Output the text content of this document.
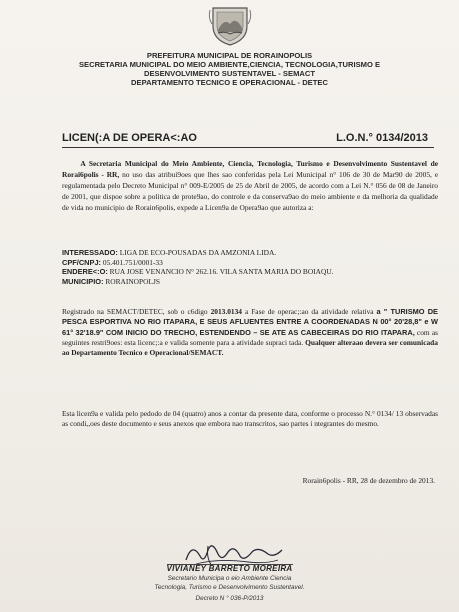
PREFEITURA MUNICIPAL DE RORAINOPOLIS
SECRETARIA MUNICIPAL DO MEIO AMBIENTE,CIENCIA, TECNOLOGIA,TURISMO E
DESENVOLVIMENTO SUSTENTAVEL - SEMACT
DEPARTAMENTO TECNICO E OPERACIONAL - DETEC
LICEN(:A DE OPERA<:AO	L.O.N.° 0134/2013
A Secretaria Municipal do Meio Ambiente, Ciencia, Tecnologia, Turismo e Desenvolvimento Sustentavel de Rorai6polis - RR, no uso das atribui9oes que lhes sao conferidas pela Lei Municipal n° 106 de 30 de Mar90 de 2005, e regulamentada pelo Decreto Municipal n° 009-E/2005 de 25 de Abril de 2005, de acordo com a Lei N.° 056 de 08 de Janeiro de 2001, que dispoe sobre a politica de prote9ao, do controle e da conserva9ao do meio ambiente e da melhoria da qualidade de vida no municipio de Rorain6polis, expede a Licen9a de Opera9ao que autoriza a:
INTERESSADO: LIGA DE ECO-POUSADAS DA AMZONIA LIDA.
CPF/CNPJ: 05.401.751/0001-33
ENDERE<:O: RUA JOSE VENANCIO N° 262.16. VILA SANTA MARIA DO BOIAQU.
MUNICIPIO: RORAINOPOLJS
Registrado na SEMACT/DETEC, sob o c6digo 2013.0134 a Fase de operac;:ao da atividade relativa a " TURISMO DE PESCA ESPORTIVA NO RIO ITAPARA, E SEUS AFLUENTES ENTRE A COORDENADAS N 00° 20'28,8" e W 61° 32'18.9" COM INICIO DO TRECHO, ESTENDENDO – SE ATE AS CABECEIRAS DO RIO ITAPARA, com as seguintes restri9oes: esta licenc;:a e valida somente para a atividade supraci tada. Qualquer alteraao devera ser comunicada ao Departamento Tecnico e Operacional/SEMACT.
Esta licen9a e valida pelo pedodo de 04 (quatro) anos a contar da presente data, conforme o processo N.° 0134/ 13 observadas as condi,,oes deste documento e seus anexos que embora nao transcritos, sao partes i ntegrantes do mesmo.
Rorain6polis - RR, 28 de dezembro de 2013.
VIVIANEY BARRETO MOREIRA
Secretario Municipa o eio Ambiente Ciencia
Tecnologia, Turismo e Desenvolvimento Sustentavel.
Decreto N ° 036-P/2013
